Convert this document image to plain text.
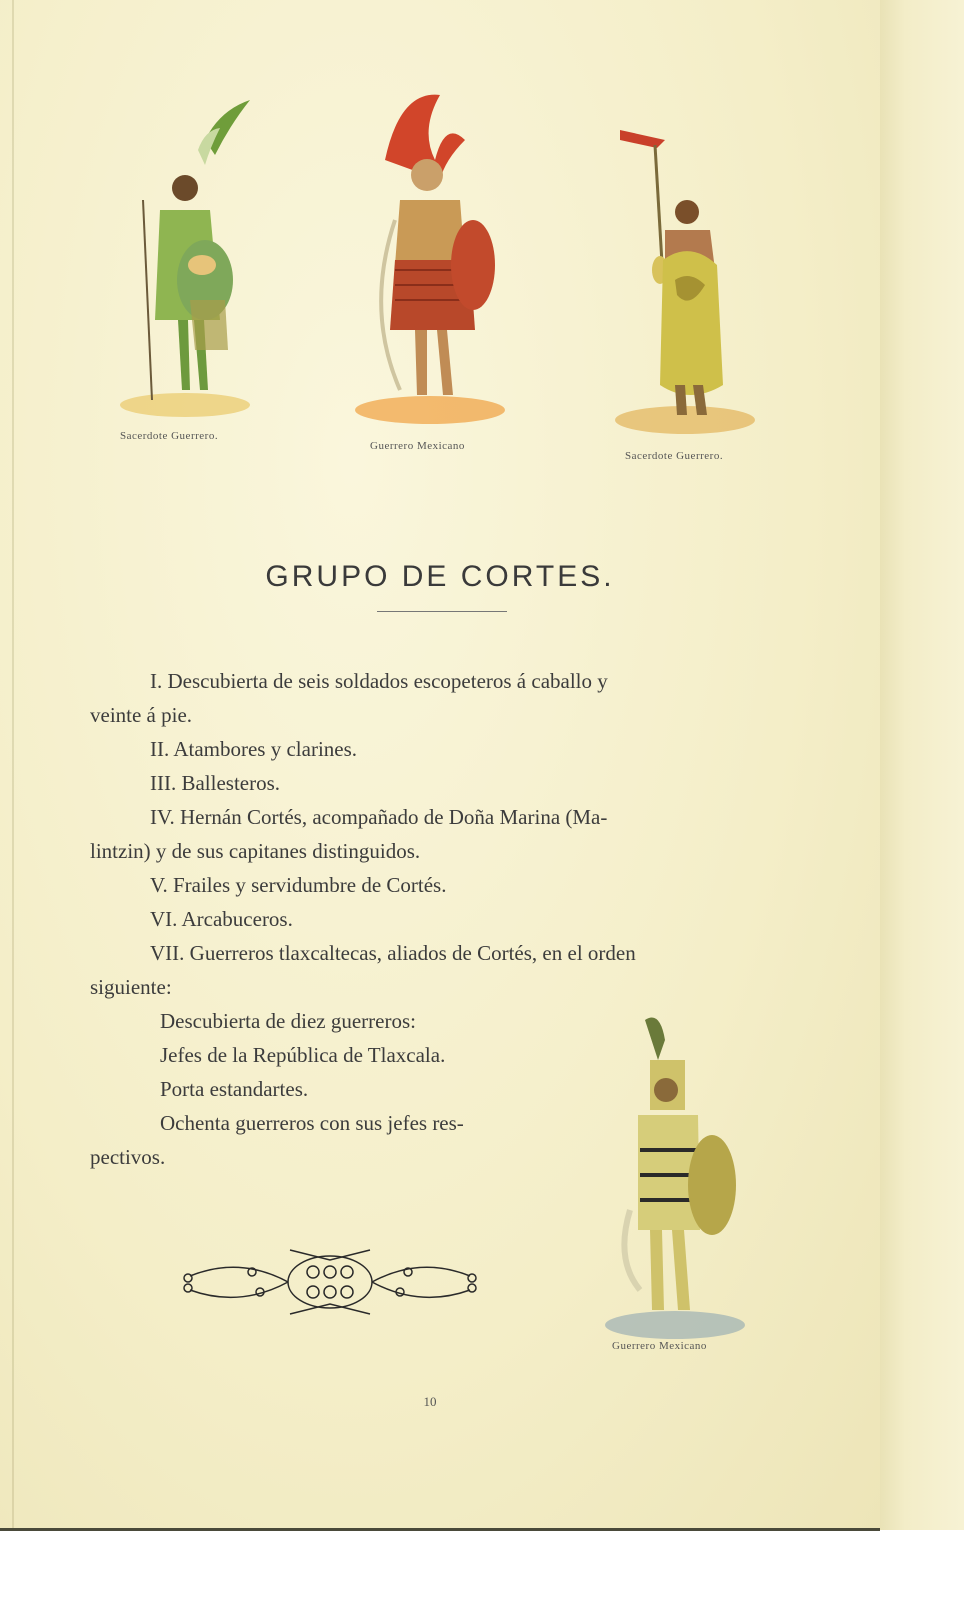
Sacerdote Guerrero.
Guerrero Mexicano
Sacerdote Guerrero.
GRUPO DE CORTES.

I. Descubierta de seis soldados escopeteros á caballo y

veinte á pie.

II. Atambores y clarines.

III. Ballesteros.

IV. Hernán Cortés, acompañado de Doña Marina (Ma-

lintzin) y de sus capitanes distinguidos.

V. Frailes y servidumbre de Cortés.

VI. Arcabuceros.

VII. Guerreros tlaxcaltecas, aliados de Cortés, en el orden

siguiente:

Descubierta de diez guerreros:

Jefes de la República de Tlaxcala.

Porta estandartes.

Ochenta guerreros con sus jefes res-

pectivos.

Guerrero Mexicano
10
